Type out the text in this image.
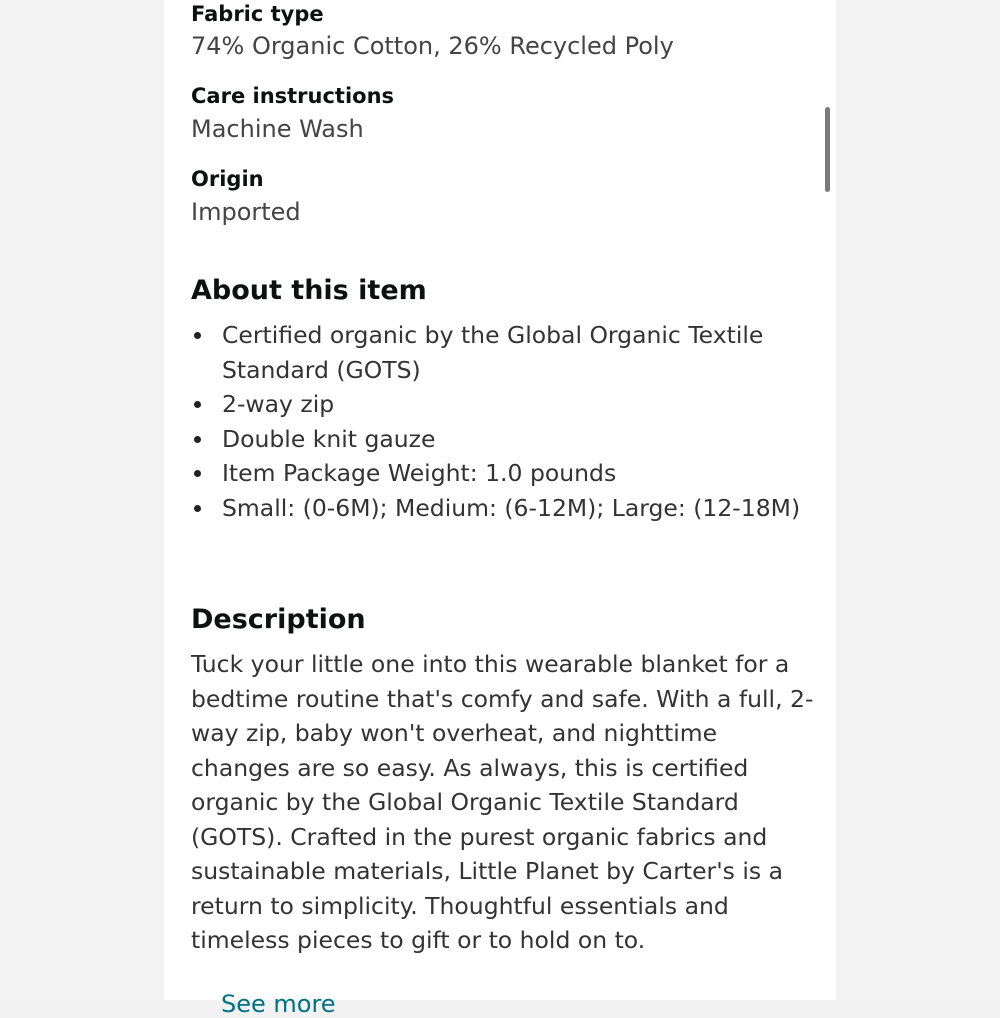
Fabric type
74% Organic Cotton, 26% Recycled Poly
Care instructions
Machine Wash
Origin
Imported
About this item
Certified organic by the Global Organic Textile Standard (GOTS)
2-way zip
Double knit gauze
Item Package Weight: 1.0 pounds
Small: (0-6M); Medium: (6-12M); Large: (12-18M)
Description

Tuck your little one into this wearable blanket for a bedtime routine that's comfy and safe. With a full, 2-way zip, baby won't overheat, and nighttime changes are so easy. As always, this is certified organic by the Global Organic Textile Standard (GOTS). Crafted in the purest organic fabrics and sustainable materials, Little Planet by Carter's is a return to simplicity. Thoughtful essentials and timeless pieces to gift or to hold on to.

See more
